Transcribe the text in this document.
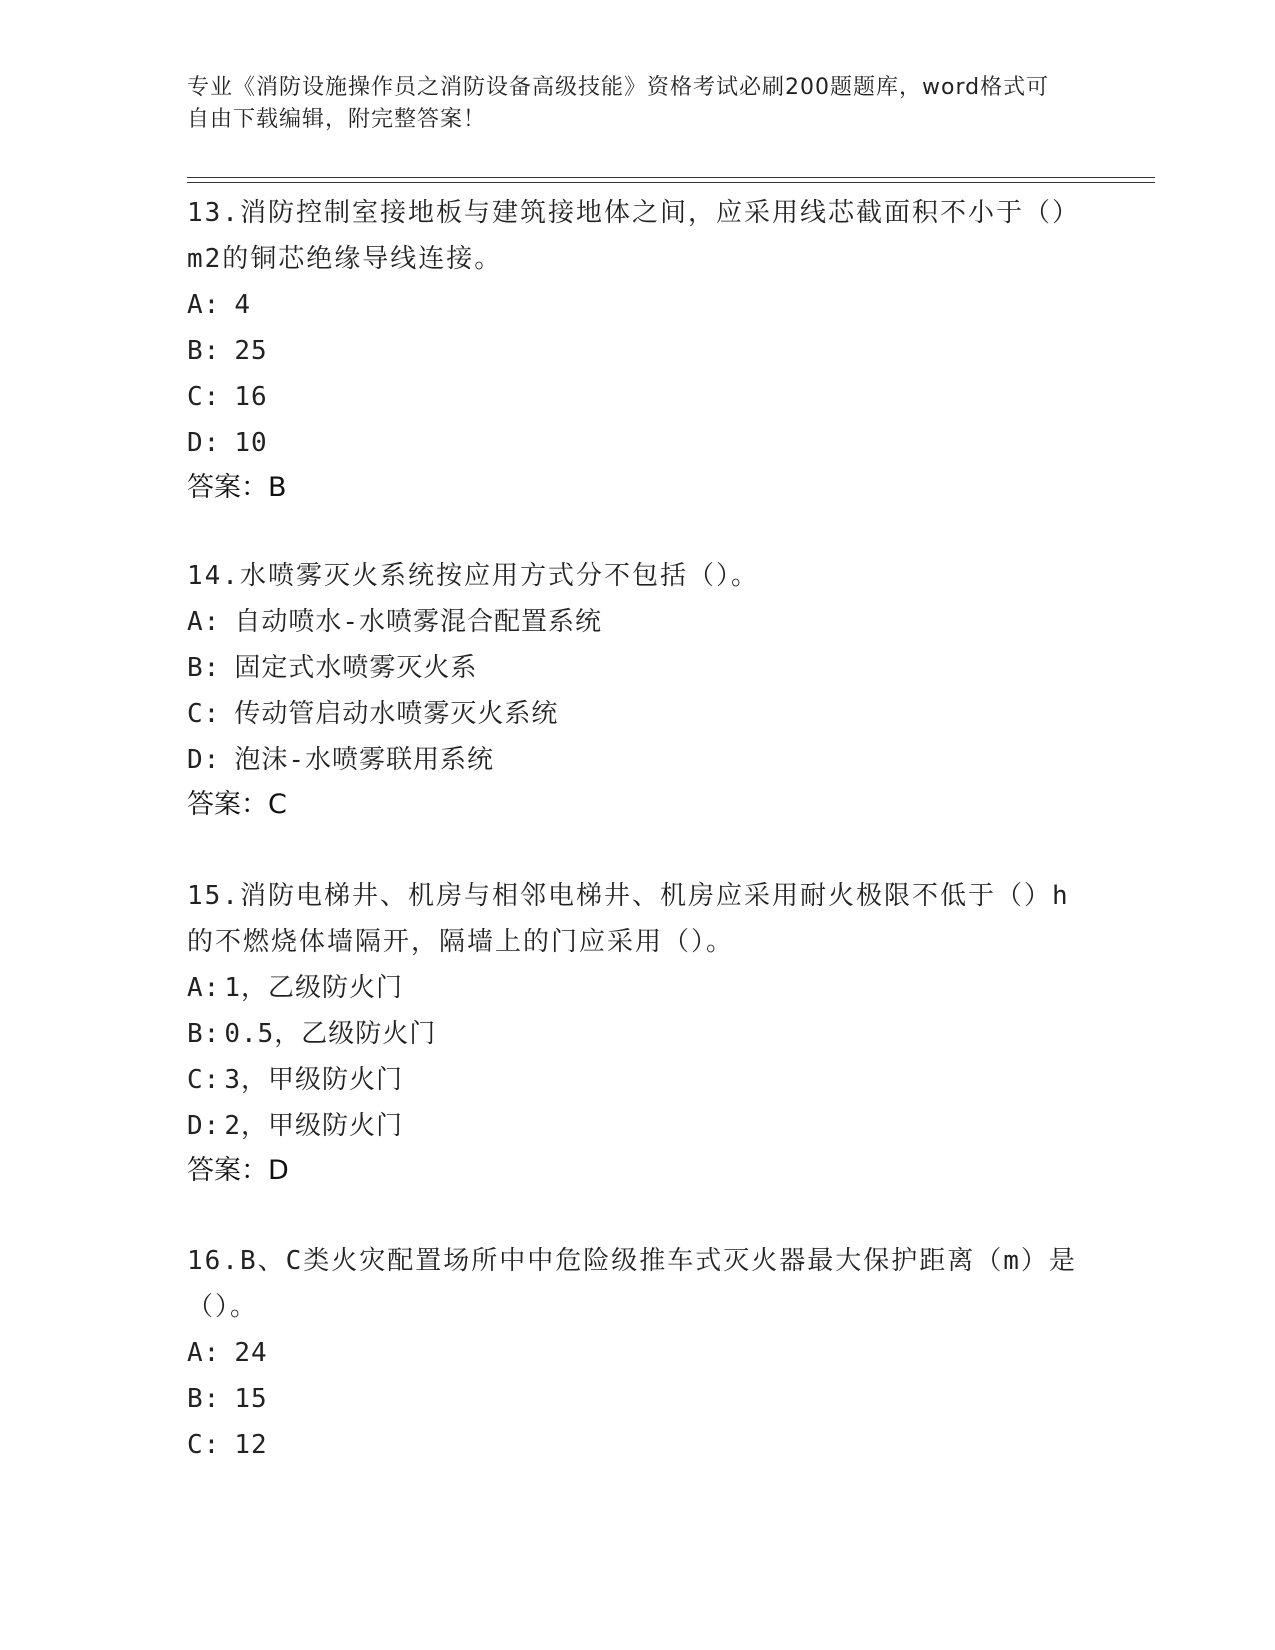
专业《消防设施操作员之消防设备高级技能》资格考试必刷200题题库，word格式可自由下载编辑，附完整答案！
13.消防控制室接地板与建筑接地体之间，应采用线芯截面积不小于（）m2的铜芯绝缘导线连接。
A: 4
B: 25
C: 16
D: 10
答案：B
14.水喷雾灭火系统按应用方式分不包括（）。
A: 自动喷水-水喷雾混合配置系统
B: 固定式水喷雾灭火系
C: 传动管启动水喷雾灭火系统
D: 泡沫-水喷雾联用系统
答案：C
15.消防电梯井、机房与相邻电梯井、机房应采用耐火极限不低于（）h的不燃烧体墙隔开，隔墙上的门应采用（）。
A: 1，乙级防火门
B: 0.5，乙级防火门
C: 3，甲级防火门
D: 2，甲级防火门
答案：D
16.B、C类火灾配置场所中中危险级推车式灭火器最大保护距离（m）是（）。
A: 24
B: 15
C: 12
